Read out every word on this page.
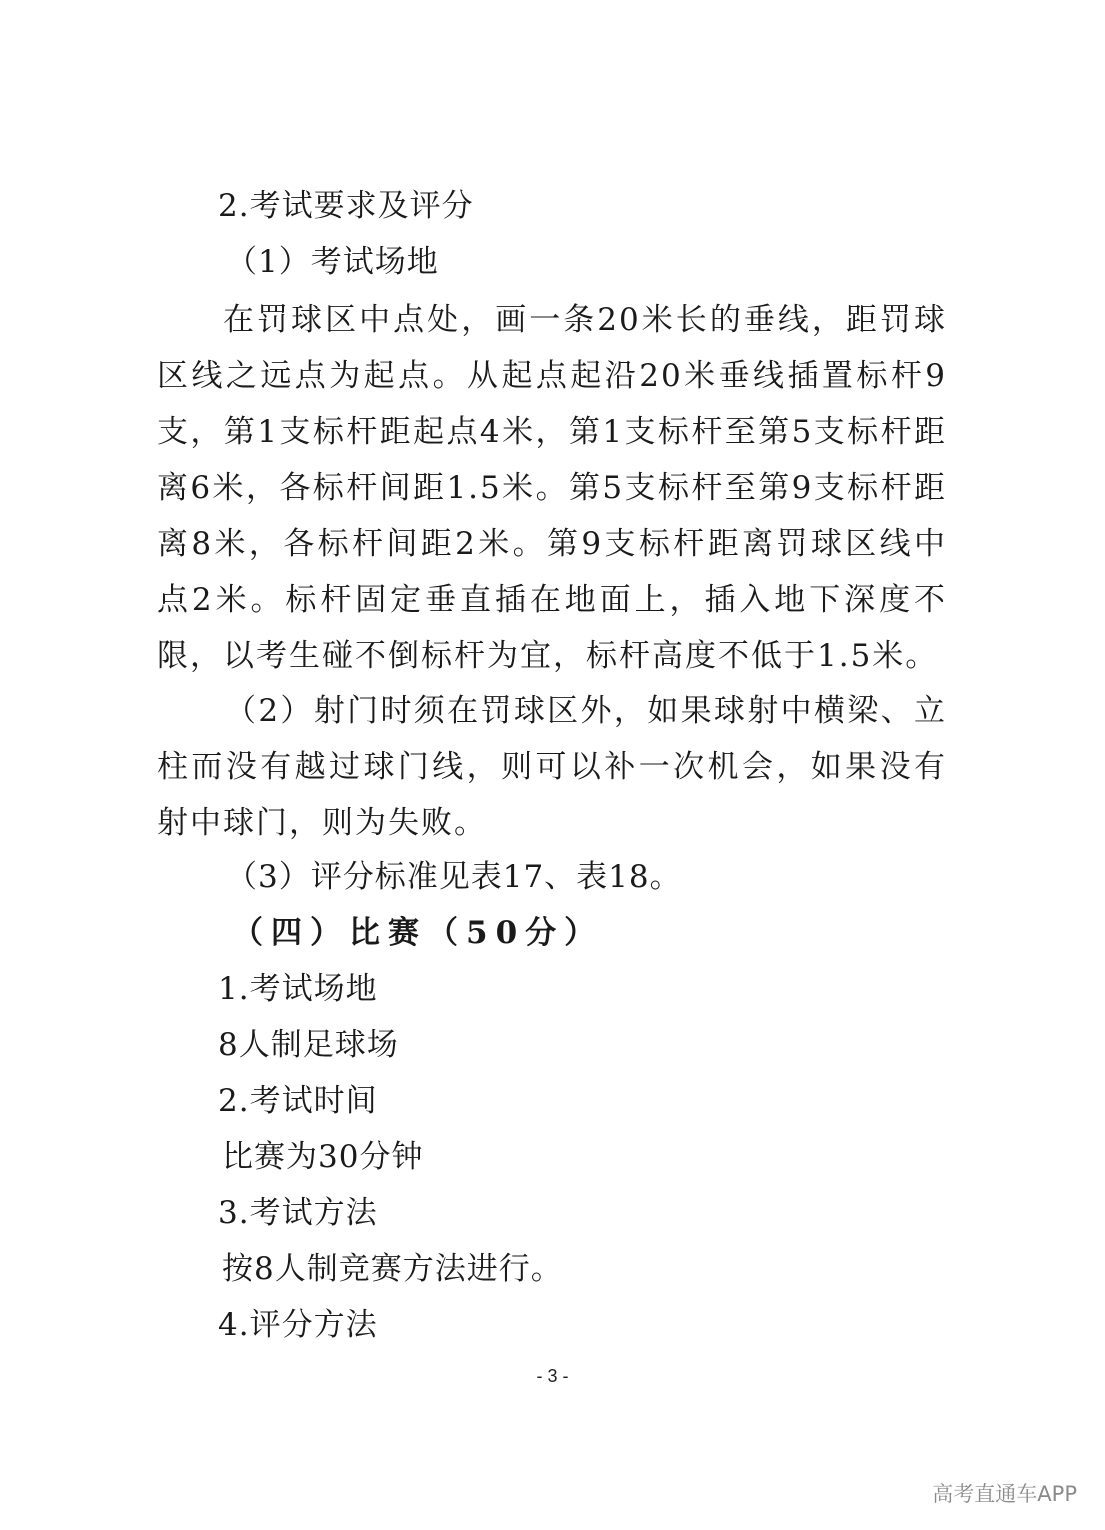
2.考试要求及评分
（1）考试场地
在罚球区中点处，画一条20米长的垂线，距罚球区线之远点为起点。从起点起沿20米垂线插置标杆9支，第1支标杆距起点4米，第1支标杆至第5支标杆距离6米，各标杆间距1.5米。第5支标杆至第9支标杆距离8米，各标杆间距2米。第9支标杆距离罚球区线中点2米。标杆固定垂直插在地面上，插入地下深度不限，以考生碰不倒标杆为宜，标杆高度不低于1.5米。
（2）射门时须在罚球区外，如果球射中横梁、立柱而没有越过球门线，则可以补一次机会，如果没有射中球门，则为失败。
（3）评分标准见表17、表18。
（四）比赛（50分）
1.考试场地
8人制足球场
2.考试时间
比赛为30分钟
3.考试方法
按8人制竞赛方法进行。
4.评分方法
- 3 -
高考直通车APP
